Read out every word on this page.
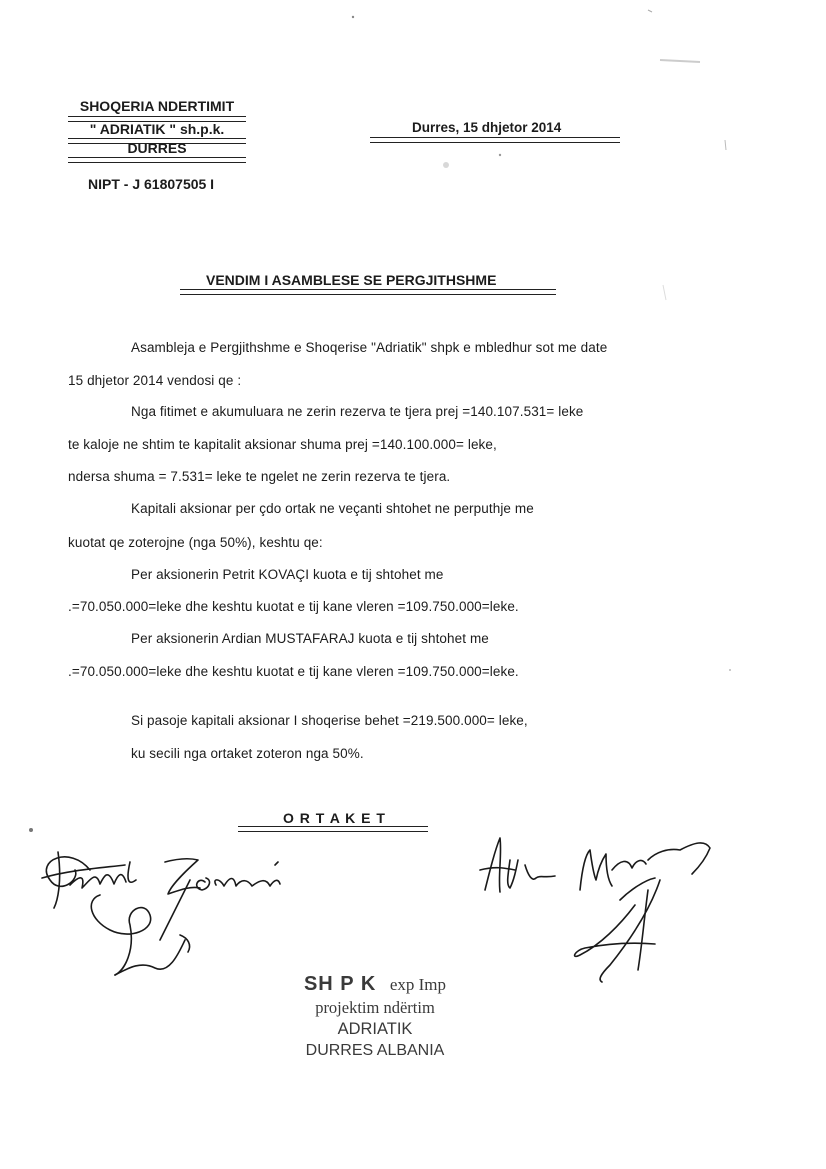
SHOQERIA NDERTIMIT
" ADRIATIK " sh.p.k.
DURRES
NIPT - J 61807505 I
Durres, 15 dhjetor 2014
VENDIM I ASAMBLESE SE PERGJITHSHME
Asambleja e Pergjithshme e Shoqerise "Adriatik" shpk e mbledhur sot me date
15 dhjetor 2014 vendosi qe :
Nga fitimet e akumuluara ne zerin rezerva te tjera prej =140.107.531= leke
te kaloje ne shtim te kapitalit aksionar shuma prej =140.100.000= leke,
ndersa shuma = 7.531= leke te ngelet ne zerin rezerva te tjera.
Kapitali aksionar per çdo ortak ne veçanti shtohet ne perputhje me
kuotat qe zoterojne (nga 50%), keshtu qe:
Per aksionerin Petrit KOVAÇI kuota e tij shtohet me
.=70.050.000=leke dhe keshtu kuotat e tij kane vleren =109.750.000=leke.
Per aksionerin Ardian MUSTAFARAJ kuota e tij shtohet me
.=70.050.000=leke dhe keshtu kuotat e tij kane vleren =109.750.000=leke.
Si pasoje kapitali aksionar I shoqerise behet =219.500.000= leke,
ku secili nga ortaket zoteron nga 50%.
O R T A K E T
SH P K exp Imp
projektim ndërtim
ADRIATIK
DURRES ALBANIA
